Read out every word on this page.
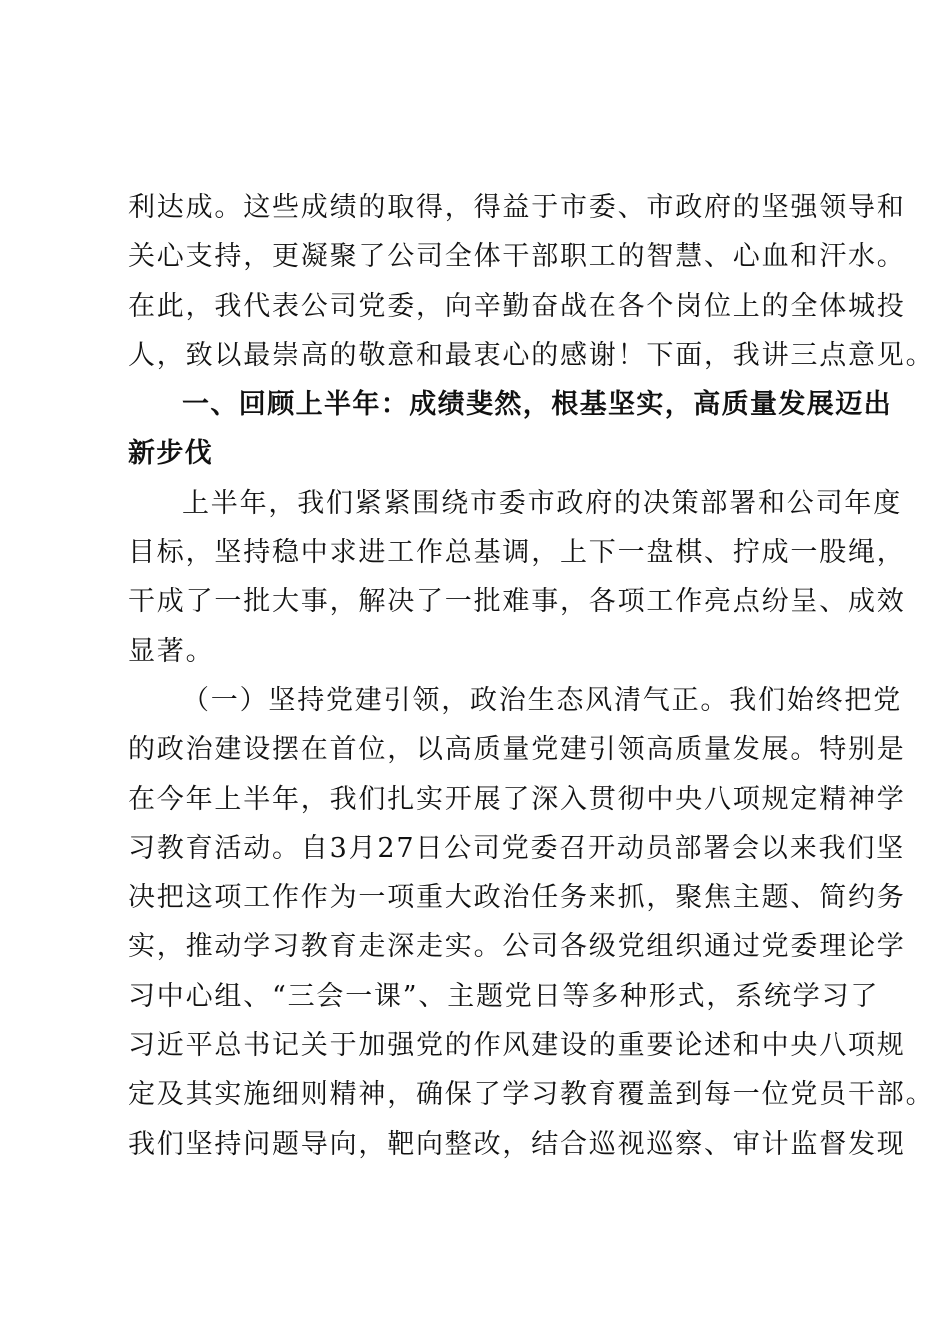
利达成。这些成绩的取得，得益于市委、市政府的坚强领导和
关心支持，更凝聚了公司全体干部职工的智慧、心血和汗水。
在此，我代表公司党委，向辛勤奋战在各个岗位上的全体城投
人，致以最崇高的敬意和最衷心的感谢！下面，我讲三点意见。
一、回顾上半年：成绩斐然，根基坚实，高质量发展迈出
新步伐
上半年，我们紧紧围绕市委市政府的决策部署和公司年度
目标，坚持稳中求进工作总基调，上下一盘棋、拧成一股绳，
干成了一批大事，解决了一批难事，各项工作亮点纷呈、成效
显著。
（一）坚持党建引领，政治生态风清气正。我们始终把党
的政治建设摆在首位，以高质量党建引领高质量发展。特别是
在今年上半年，我们扎实开展了深入贯彻中央八项规定精神学
习教育活动。自3月27日公司党委召开动员部署会以来我们坚
决把这项工作作为一项重大政治任务来抓，聚焦主题、简约务
实，推动学习教育走深走实。公司各级党组织通过党委理论学
习中心组、“三会一课”、主题党日等多种形式，系统学习了
习近平总书记关于加强党的作风建设的重要论述和中央八项规
定及其实施细则精神，确保了学习教育覆盖到每一位党员干部。
我们坚持问题导向，靶向整改，结合巡视巡察、审计监督发现
